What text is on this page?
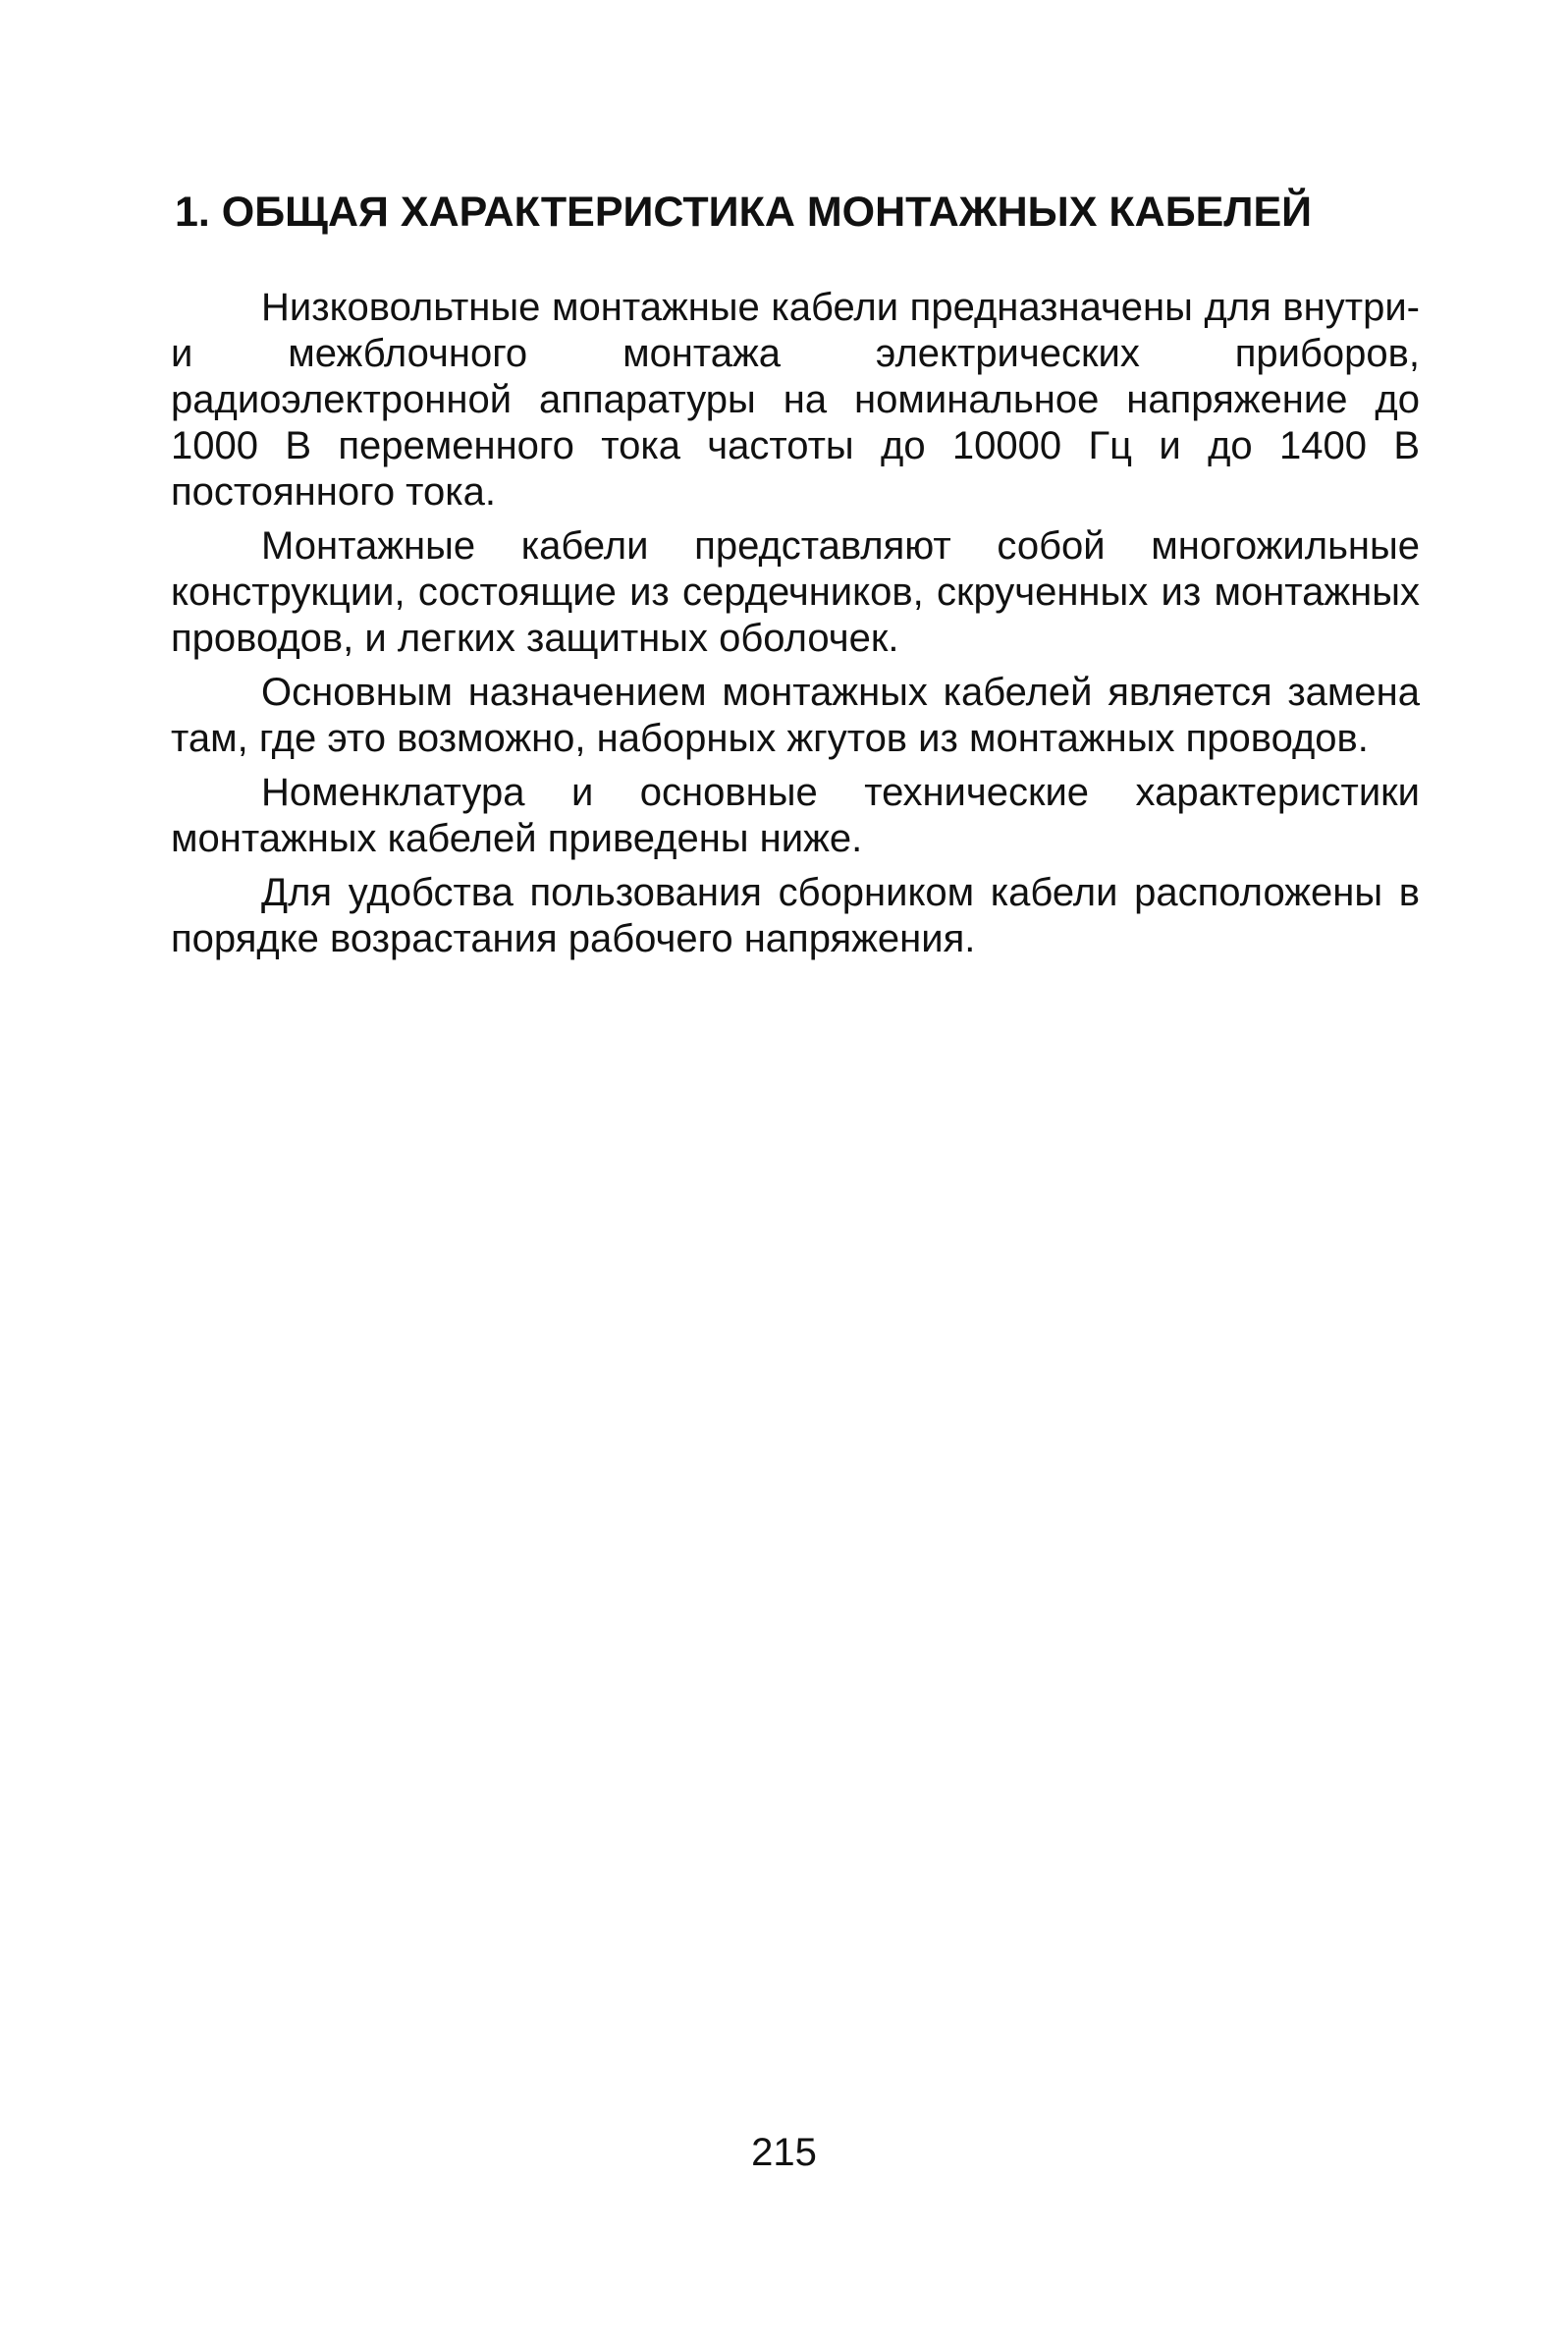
1. ОБЩАЯ ХАРАКТЕРИСТИКА МОНТАЖНЫХ КАБЕЛЕЙ

Низковольтные монтажные кабели предназначены для внутри- и межблочного монтажа электрических приборов, радиоэлектронной аппаратуры на номинальное напряжение до 1000 В переменного тока частоты до 10000 Гц и до 1400 В постоянного тока.

Монтажные кабели представляют собой многожильные конструкции, состоящие из сердечников, скрученных из монтажных проводов, и легких защитных оболочек.

Основным назначением монтажных кабелей является замена там, где это возможно, наборных жгутов из монтажных проводов.

Номенклатура и основные технические характеристики монтажных кабелей приведены ниже.

Для удобства пользования сборником кабели расположены в порядке возрастания рабочего напряжения.

215
